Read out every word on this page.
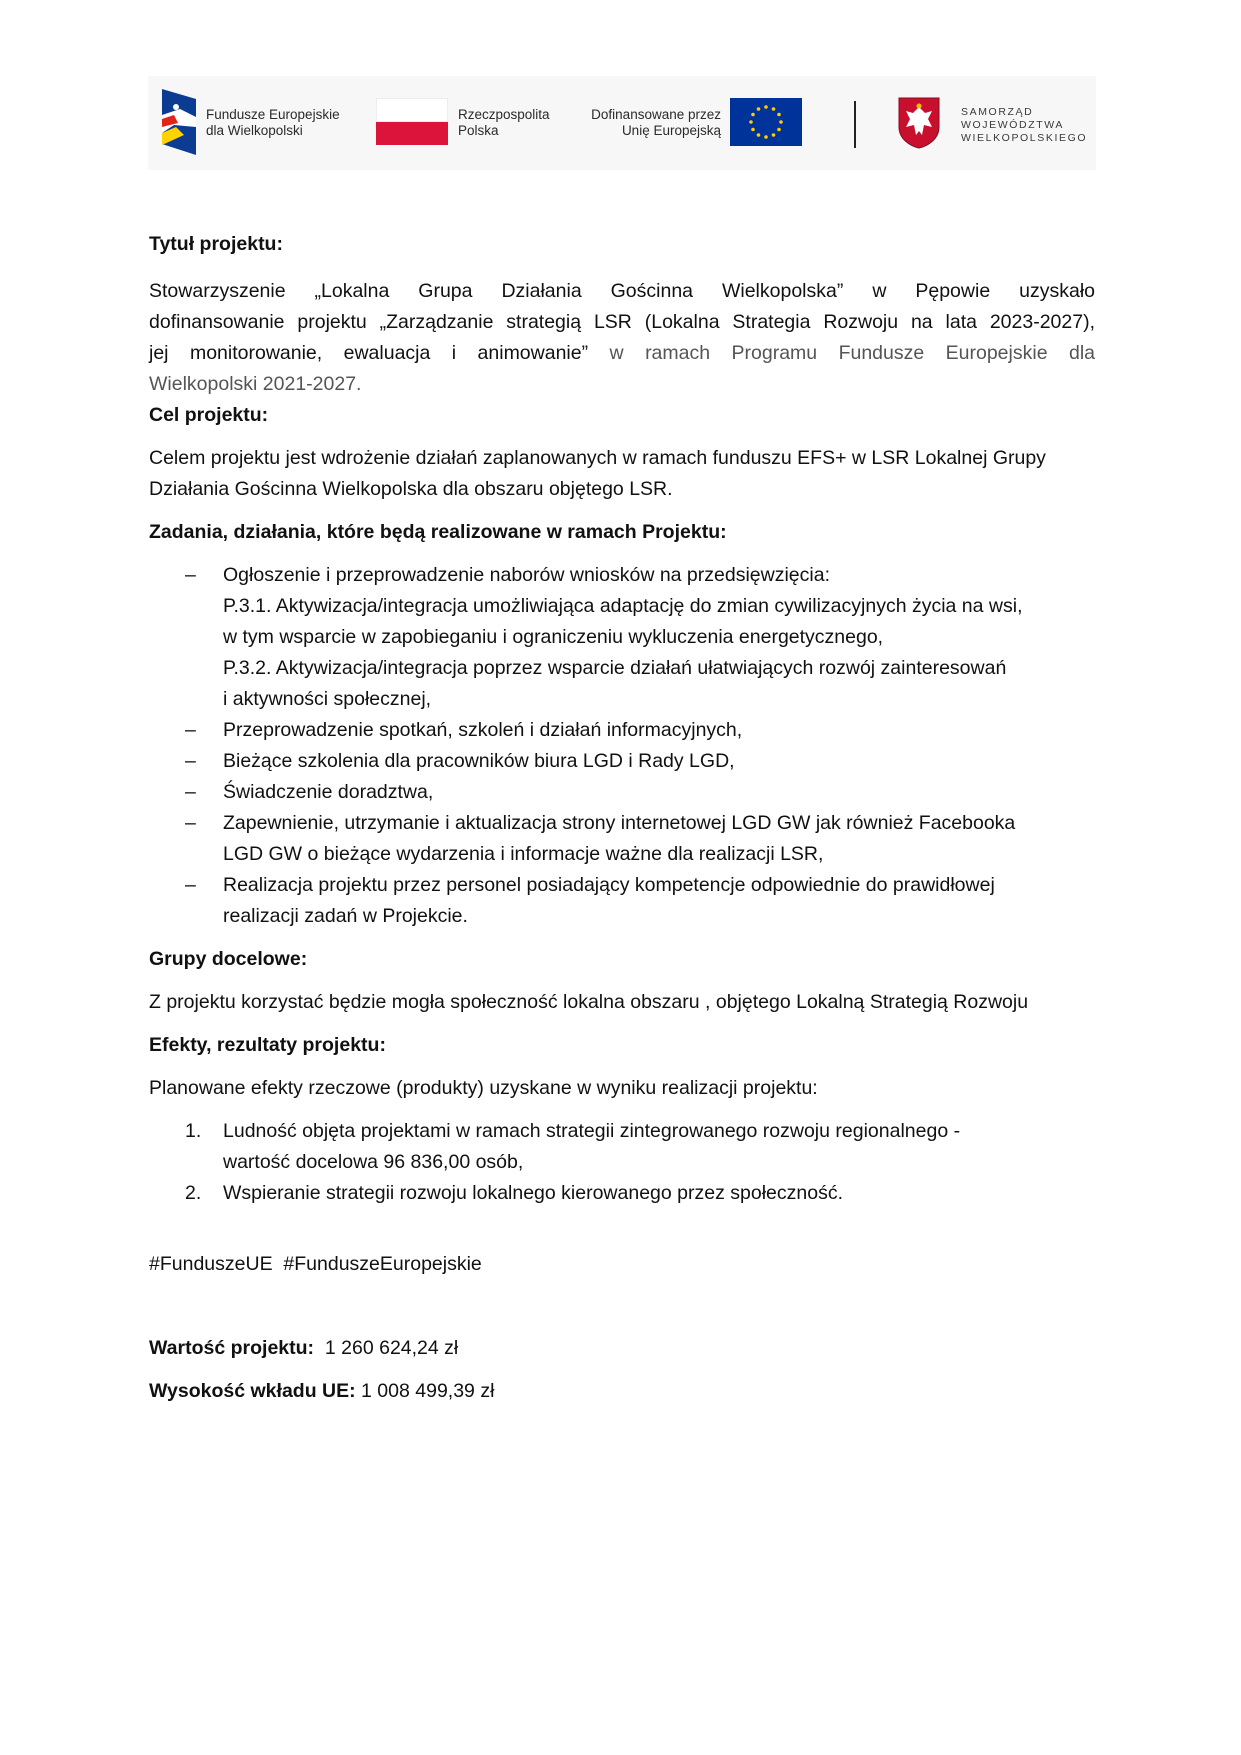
Fundusze Europejskie
dla Wielkopolski
Rzeczpospolita
Polska
Dofinansowane przez
Unię Europejską
SAMORZĄD
WOJEWÓDZTWA
WIELKOPOLSKIEGO

Tytuł projektu:

Stowarzyszenie „Lokalna Grupa Działania Gościnna Wielkopolska” w Pępowie uzyskało

dofinansowanie projektu „Zarządzanie strategią LSR (Lokalna Strategia Rozwoju na lata 2023-2027),

jej monitorowanie, ewaluacja i animowanie” w ramach Programu Fundusze Europejskie dla

Wielkopolski 2021-2027.

Cel projektu:

Celem projektu jest wdrożenie działań zaplanowanych w ramach funduszu EFS+ w LSR Lokalnej Grupy

Działania Gościnna Wielkopolska dla obszaru objętego LSR.

Zadania, działania, które będą realizowane w ramach Projektu:

– Ogłoszenie i przeprowadzenie naborów wniosków na przedsięwzięcia:
P.3.1. Aktywizacja/integracja umożliwiająca adaptację do zmian cywilizacyjnych życia na wsi,
w tym wsparcie w zapobieganiu i ograniczeniu wykluczenia energetycznego,
P.3.2. Aktywizacja/integracja poprzez wsparcie działań ułatwiających rozwój zainteresowań
i aktywności społecznej,
– Przeprowadzenie spotkań, szkoleń i działań informacyjnych,
– Bieżące szkolenia dla pracowników biura LGD i Rady LGD,
– Świadczenie doradztwa,
– Zapewnienie, utrzymanie i aktualizacja strony internetowej LGD GW jak również Facebooka
LGD GW o bieżące wydarzenia i informacje ważne dla realizacji LSR,
– Realizacja projektu przez personel posiadający kompetencje odpowiednie do prawidłowej
realizacji zadań w Projekcie.

Grupy docelowe:

Z projektu korzystać będzie mogła społeczność lokalna obszaru , objętego Lokalną Strategią Rozwoju

Efekty, rezultaty projektu:

Planowane efekty rzeczowe (produkty) uzyskane w wyniku realizacji projektu:

1. Ludność objęta projektami w ramach strategii zintegrowanego rozwoju regionalnego -
wartość docelowa 96 836,00 osób,
2. Wspieranie strategii rozwoju lokalnego kierowanego przez społeczność.

#FunduszeUE  #FunduszeEuropejskie

Wartość projektu:  1 260 624,24 zł

Wysokość wkładu UE: 1 008 499,39 zł
